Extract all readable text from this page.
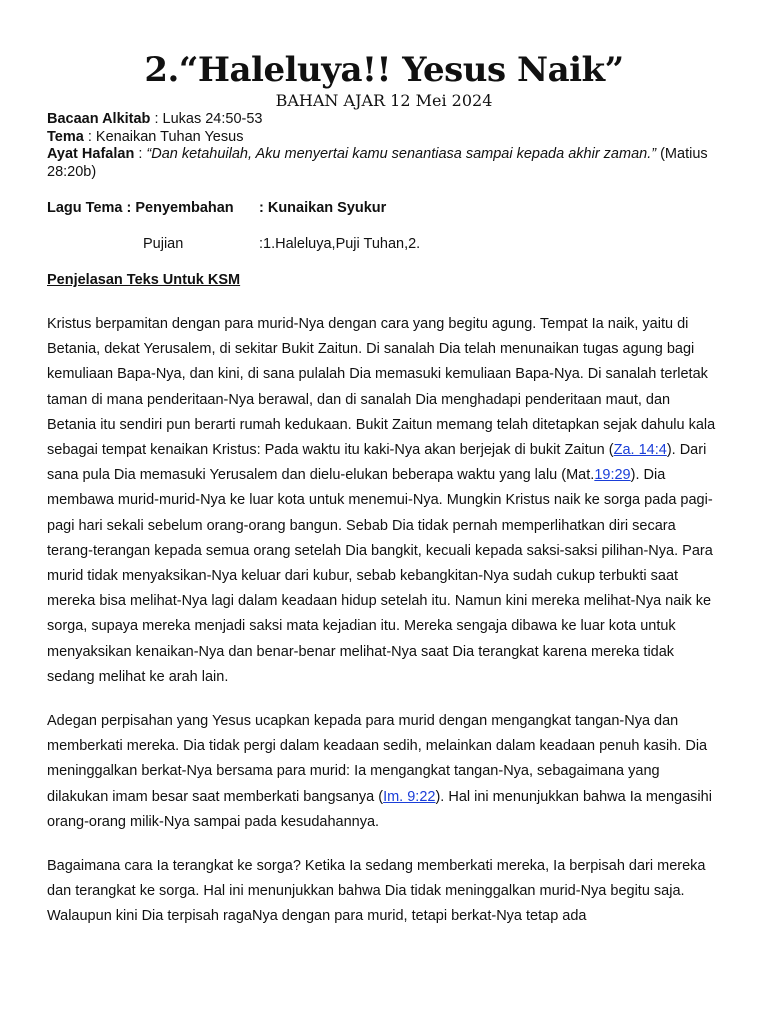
2.“Haleluya!! Yesus Naik”
BAHAN AJAR 12 Mei 2024
Bacaan Alkitab : Lukas 24:50-53
Tema : Kenaikan Tuhan Yesus
Ayat Hafalan : “Dan ketahuilah, Aku menyertai kamu senantiasa sampai kepada akhir zaman.” (Matius 28:20b)
Lagu Tema : Penyembahan	: Kunaikan Syukur
Pujian	:1.Haleluya,Puji Tuhan,2.
Penjelasan Teks Untuk KSM

Kristus berpamitan dengan para murid-Nya dengan cara yang begitu agung. Tempat Ia naik, yaitu di Betania, dekat Yerusalem, di sekitar Bukit Zaitun. Di sanalah Dia telah menunaikan tugas agung bagi kemuliaan Bapa-Nya, dan kini, di sana pulalah Dia memasuki kemuliaan Bapa-Nya. Di sanalah terletak taman di mana penderitaan-Nya berawal, dan di sanalah Dia menghadapi penderitaan maut, dan Betania itu sendiri pun berarti rumah kedukaan. Bukit Zaitun memang telah ditetapkan sejak dahulu kala sebagai tempat kenaikan Kristus: Pada waktu itu kaki-Nya akan berjejak di bukit Zaitun (Za. 14:4). Dari sana pula Dia memasuki Yerusalem dan dielu-elukan beberapa waktu yang lalu (Mat.19:29). Dia membawa murid-murid-Nya ke luar kota untuk menemui-Nya. Mungkin Kristus naik ke sorga pada pagi-pagi hari sekali sebelum orang-orang bangun. Sebab Dia tidak pernah memperlihatkan diri secara terang-terangan kepada semua orang setelah Dia bangkit, kecuali kepada saksi-saksi pilihan-Nya. Para murid tidak menyaksikan-Nya keluar dari kubur, sebab kebangkitan-Nya sudah cukup terbukti saat mereka bisa melihat-Nya lagi dalam keadaan hidup setelah itu. Namun kini mereka melihat-Nya naik ke sorga, supaya mereka menjadi saksi mata kejadian itu. Mereka sengaja dibawa ke luar kota untuk menyaksikan kenaikan-Nya dan benar-benar melihat-Nya saat Dia terangkat karena mereka tidak sedang melihat ke arah lain.

Adegan perpisahan yang Yesus ucapkan kepada para murid dengan mengangkat tangan-Nya dan memberkati mereka. Dia tidak pergi dalam keadaan sedih, melainkan dalam keadaan penuh kasih. Dia meninggalkan berkat-Nya bersama para murid: Ia mengangkat tangan-Nya, sebagaimana yang dilakukan imam besar saat memberkati bangsanya (Im. 9:22). Hal ini menunjukkan bahwa Ia mengasihi orang-orang milik-Nya sampai pada kesudahannya.

Bagaimana cara Ia terangkat ke sorga? Ketika Ia sedang memberkati mereka, Ia berpisah dari mereka dan terangkat ke sorga. Hal ini menunjukkan bahwa Dia tidak meninggalkan murid-Nya begitu saja. Walaupun kini Dia terpisah ragaNya dengan para murid, tetapi berkat-Nya tetap ada
